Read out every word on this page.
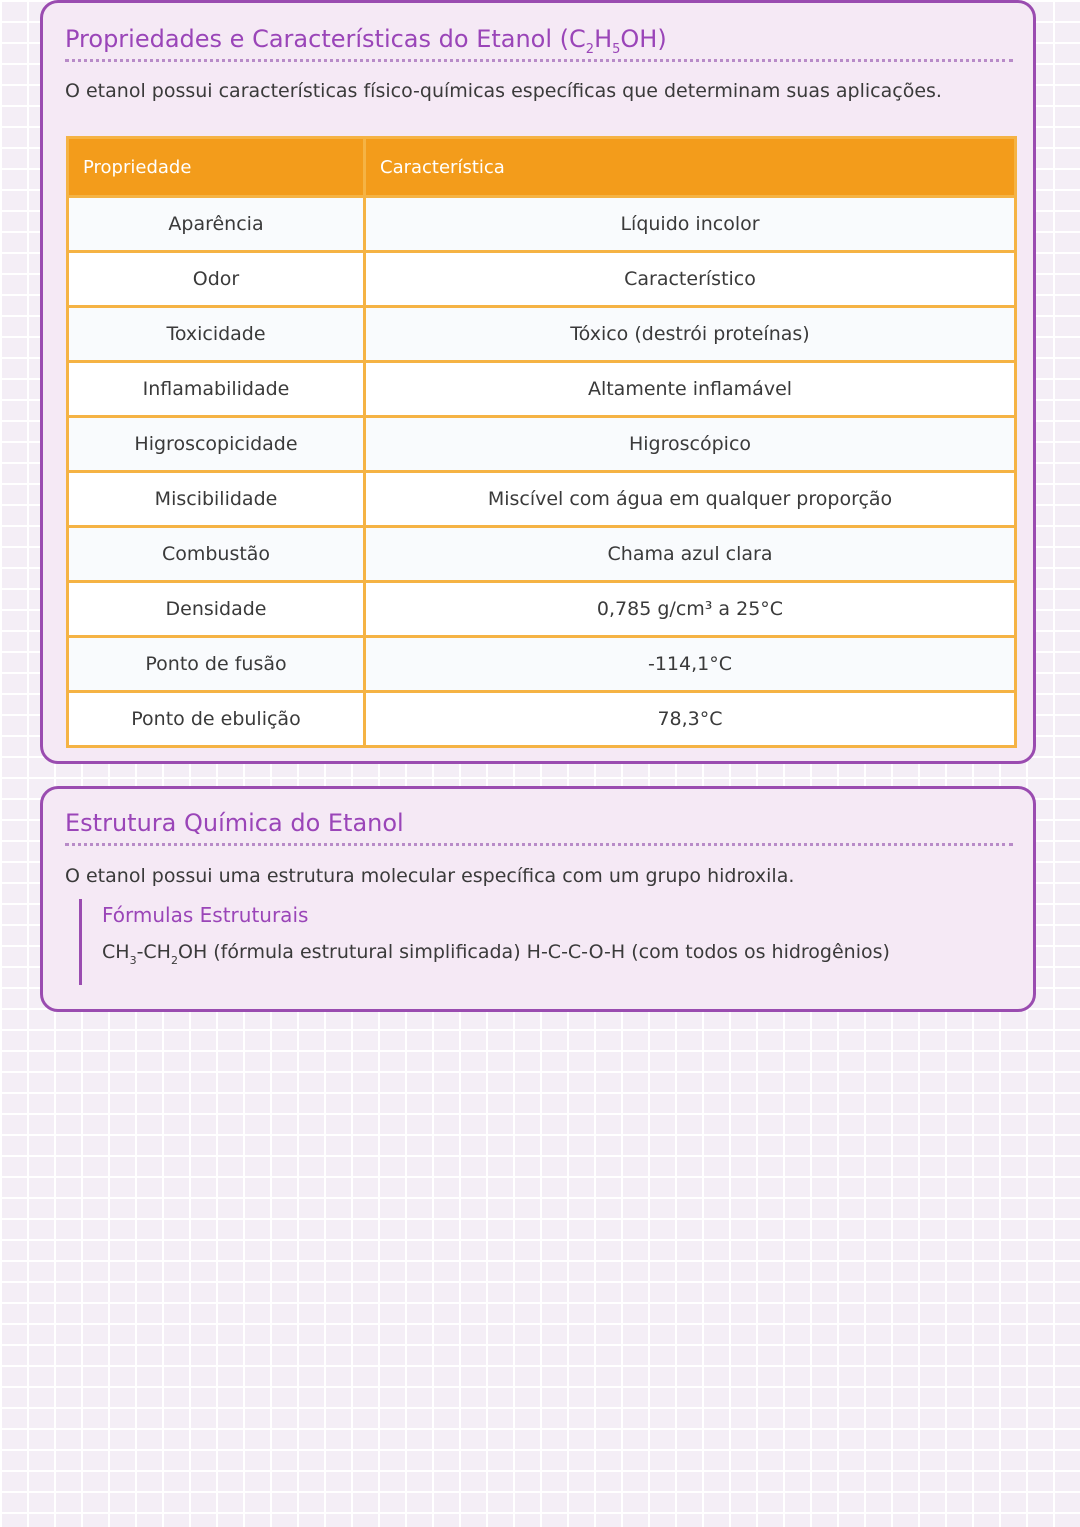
Propriedades e Características do Etanol $(C_2H_5OH)$
O etanol possui características físico-químicas específicas que determinam suas aplicações.
Propriedade	Característica
Aparência	Líquido incolor
Odor	Característico
Toxicidade	Tóxico (destrói proteínas)
Inflamabilidade	Altamente inflamável
Higroscopicidade	Higroscópico
Miscibilidade	Miscível com água em qualquer proporção
Combustão	Chama azul clara
Densidade	0,785 g/cm³ a 25°C
Ponto de fusão	-114,1°C
Ponto de ebulição	78,3°C
Estrutura Química do Etanol
O etanol possui uma estrutura molecular específica com um grupo hidroxila.
Fórmulas Estruturais
$CH_3-CH_2OH$ (fórmula estrutural simplificada) H-C-C-O-H (com todos os hidrogênios)
